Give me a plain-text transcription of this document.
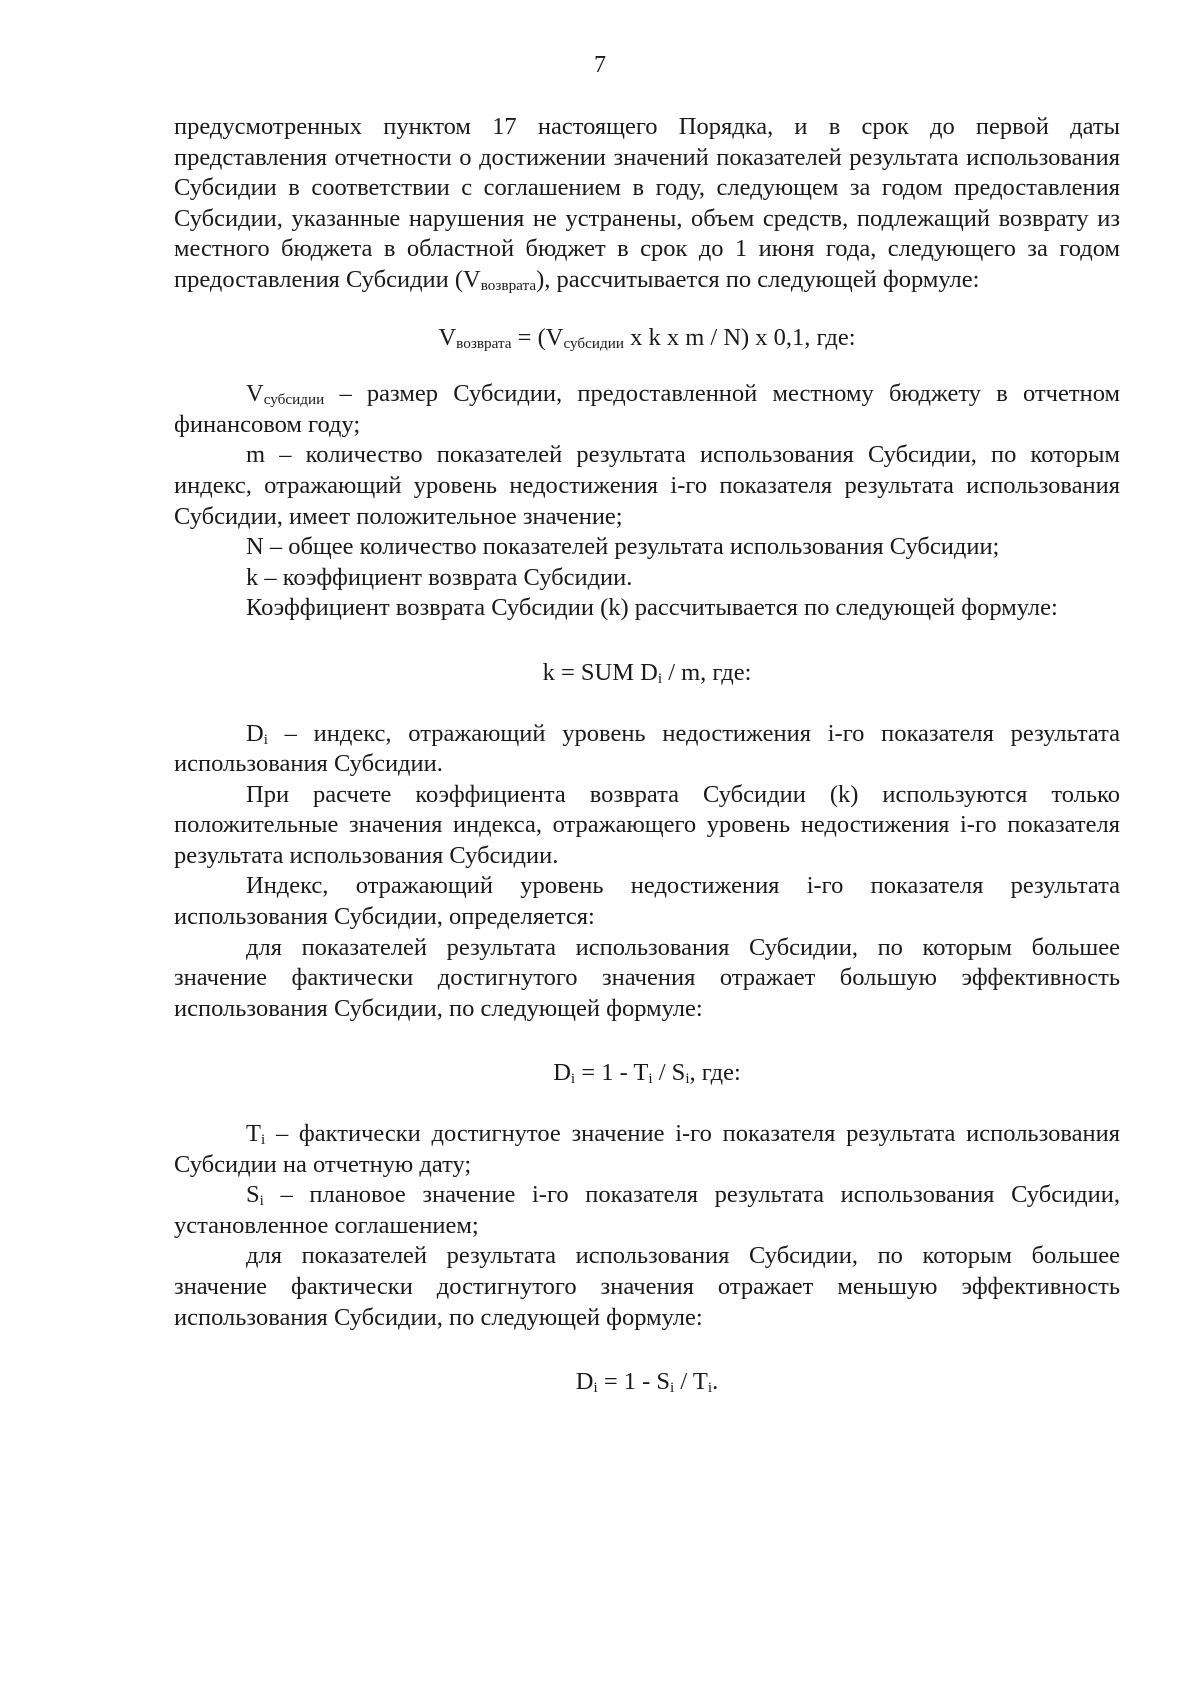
7

предусмотренных пунктом 17 настоящего Порядка, и в срок до первой даты представления отчетности о достижении значений показателей результата использования Субсидии в соответствии с соглашением в году, следующем за годом предоставления Субсидии, указанные нарушения не устранены, объем средств, подлежащий возврату из местного бюджета в областной бюджет в срок до 1 июня года, следующего за годом предоставления Субсидии $(V_{возврата})$, рассчитывается по следующей формуле:

$V_{возврата} = (V_{субсидии}$ x k x m / N) x 0,1, где:

$V_{субсидии}$ – размер Субсидии, предоставленной местному бюджету в отчетном финансовом году;

m – количество показателей результата использования Субсидии, по которым индекс, отражающий уровень недостижения i-го показателя результата использования Субсидии, имеет положительное значение;

N – общее количество показателей результата использования Субсидии;

k – коэффициент возврата Субсидии.

Коэффициент возврата Субсидии (k) рассчитывается по следующей формуле:

k = SUM $D_i$ / m, где:

$D_i$ – индекс, отражающий уровень недостижения i-го показателя результата использования Субсидии.

При расчете коэффициента возврата Субсидии (k) используются только положительные значения индекса, отражающего уровень недостижения i-го показателя результата использования Субсидии.

Индекс, отражающий уровень недостижения i-го показателя результата использования Субсидии, определяется:

для показателей результата использования Субсидии, по которым большее значение фактически достигнутого значения отражает большую эффективность использования Субсидии, по следующей формуле:

$D_i = 1 - T_i / S_i$, где:

$T_i$ – фактически достигнутое значение i-го показателя результата использования Субсидии на отчетную дату;

$S_i$ – плановое значение i-го показателя результата использования Субсидии, установленное соглашением;

для показателей результата использования Субсидии, по которым большее значение фактически достигнутого значения отражает меньшую эффективность использования Субсидии, по следующей формуле:

$D_i = 1 - S_i / T_i$.
